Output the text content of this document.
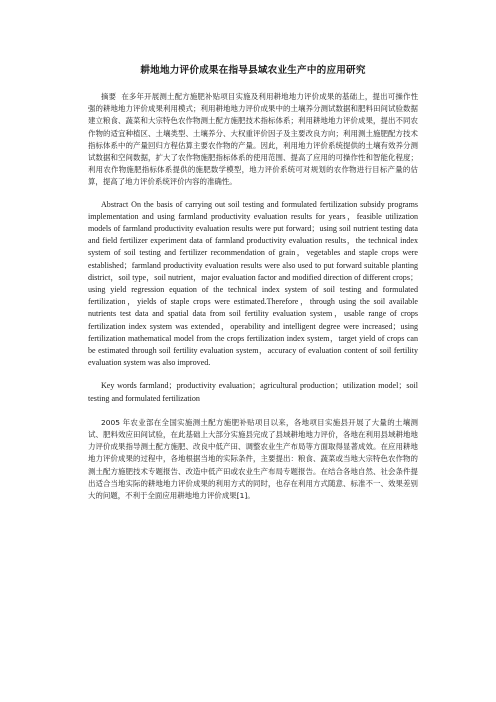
耕地地力评价成果在指导县域农业生产中的应用研究

摘要 在多年开展测土配方施肥补贴项目实施及利用耕地地力评价成果的基础上，提出可操作性强的耕地地力评价成果利用模式；利用耕地地力评价成果中的土壤养分测试数据和肥料田间试验数据建立粮食、蔬菜和大宗特色农作物测土配方施肥技术指标体系；利用耕地地力评价成果，提出不同农作物的适宜种植区、土壤类型、土壤养分、大权重评价因子及主要改良方向；利用测土施肥配方技术指标体系中的产量回归方程估算主要农作物的产量。因此，利用地力评价系统提供的土壤有效养分测试数据和空间数据，扩大了农作物施肥指标体系的使用范围、提高了应用的可操作性和智能化程度；利用农作物施肥指标体系提供的施肥数学模型，地力评价系统可对规划的农作物进行目标产量的估算，提高了地力评价系统评价内容的准确性。

Abstract On the basis of carrying out soil testing and formulated fertilization subsidy programs implementation and using farmland productivity evaluation results for years，feasible utilization models of farmland productivity evaluation results were put forward；using soil nutrient testing data and field fertilizer experiment data of farmland productivity evaluation results，the technical index system of soil testing and fertilizer recommendation of grain，vegetables and staple crops were established；farmland productivity evaluation results were also used to put forward suitable planting district，soil type，soil nutrient，major evaluation factor and modified direction of different crops；using yield regression equation of the technical index system of soil testing and formulated fertilization，yields of staple crops were estimated.Therefore，through using the soil available nutrients test data and spatial data from soil fertility evaluation system，usable range of crops fertilization index system was extended，operability and intelligent degree were increased；using fertilization mathematical model from the crops fertilization index system，target yield of crops can be estimated through soil fertility evaluation system，accuracy of evaluation content of soil fertility evaluation system was also improved.

Key words farmland；productivity evaluation；agricultural production；utilization model；soil testing and formulated fertilization

2005 年农业部在全国实施测土配方施肥补贴项目以来，各地项目实施县开展了大量的土壤测试、肥料效应田间试验，在此基础上大部分实施县完成了县域耕地地力评价，各地在利用县域耕地地力评价成果指导测土配方施肥、改良中低产田、调整农业生产布局等方面取得显著成效。在应用耕地地力评价成果的过程中，各地根据当地的实际条件，主要提出：粮食、蔬菜或当地大宗特色农作物的测土配方施肥技术专题报告、改造中低产田或农业生产布局专题报告。在结合各地自然、社会条件提出适合当地实际的耕地地力评价成果的利用方式的同时，也存在利用方式随意、标准不一、效果差别大的问题，不利于全面应用耕地地力评价成果[1]。
